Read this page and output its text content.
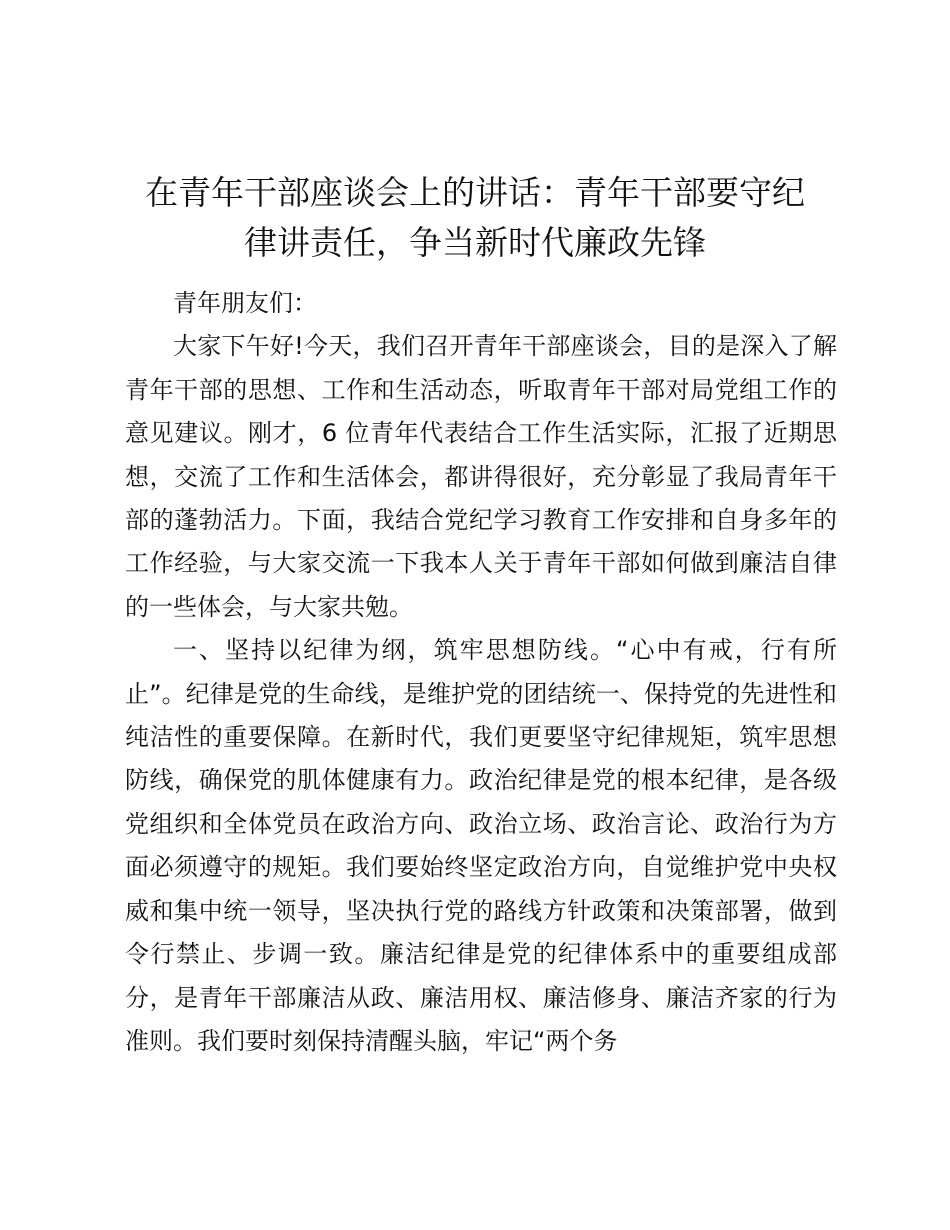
在青年干部座谈会上的讲话：青年干部要守纪
律讲责任，争当新时代廉政先锋

青年朋友们：

大家下午好!今天，我们召开青年干部座谈会，目的是深入了解青年干部的思想、工作和生活动态，听取青年干部对局党组工作的意见建议。刚才，6 位青年代表结合工作生活实际，汇报了近期思想，交流了工作和生活体会，都讲得很好，充分彰显了我局青年干部的蓬勃活力。下面，我结合党纪学习教育工作安排和自身多年的工作经验，与大家交流一下我本人关于青年干部如何做到廉洁自律的一些体会，与大家共勉。

一、坚持以纪律为纲，筑牢思想防线。“心中有戒，行有所止”。纪律是党的生命线，是维护党的团结统一、保持党的先进性和纯洁性的重要保障。在新时代，我们更要坚守纪律规矩，筑牢思想防线，确保党的肌体健康有力。政治纪律是党的根本纪律，是各级党组织和全体党员在政治方向、政治立场、政治言论、政治行为方面必须遵守的规矩。我们要始终坚定政治方向，自觉维护党中央权威和集中统一领导，坚决执行党的路线方针政策和决策部署，做到令行禁止、步调一致。廉洁纪律是党的纪律体系中的重要组成部分，是青年干部廉洁从政、廉洁用权、廉洁修身、廉洁齐家的行为准则。我们要时刻保持清醒头脑，牢记“两个务
